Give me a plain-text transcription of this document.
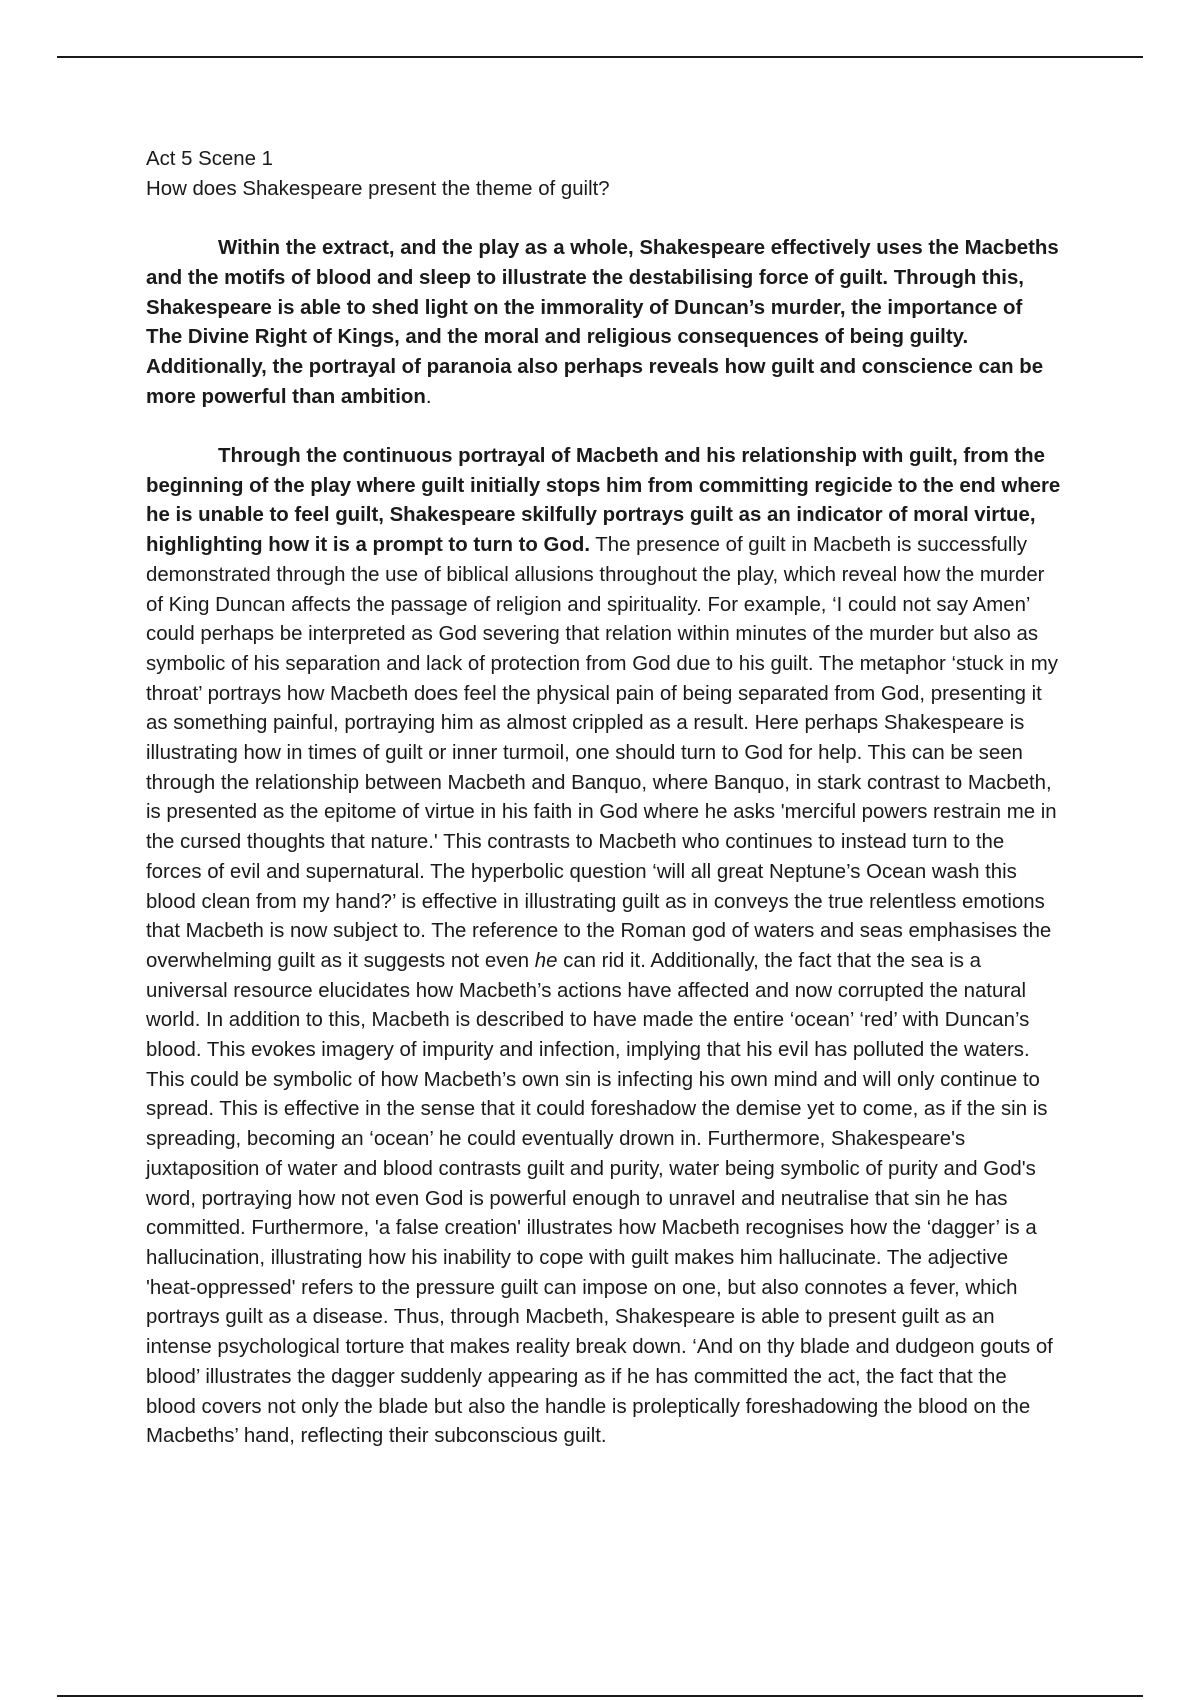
Act 5 Scene 1

How does Shakespeare present the theme of guilt?

Within the extract, and the play as a whole, Shakespeare effectively uses the Macbeths and the motifs of blood and sleep to illustrate the destabilising force of guilt. Through this, Shakespeare is able to shed light on the immorality of Duncan’s murder, the importance of The Divine Right of Kings, and the moral and religious consequences of being guilty. Additionally, the portrayal of paranoia also perhaps reveals how guilt and conscience can be more powerful than ambition.

Through the continuous portrayal of Macbeth and his relationship with guilt, from the beginning of the play where guilt initially stops him from committing regicide to the end where he is unable to feel guilt, Shakespeare skilfully portrays guilt as an indicator of moral virtue, highlighting how it is a prompt to turn to God. The presence of guilt in Macbeth is successfully demonstrated through the use of biblical allusions throughout the play, which reveal how the murder of King Duncan affects the passage of religion and spirituality. For example, ‘I could not say Amen’ could perhaps be interpreted as God severing that relation within minutes of the murder but also as symbolic of his separation and lack of protection from God due to his guilt. The metaphor ‘stuck in my throat’ portrays how Macbeth does feel the physical pain of being separated from God, presenting it as something painful, portraying him as almost crippled as a result. Here perhaps Shakespeare is illustrating how in times of guilt or inner turmoil, one should turn to God for help. This can be seen through the relationship between Macbeth and Banquo, where Banquo, in stark contrast to Macbeth, is presented as the epitome of virtue in his faith in God where he asks 'merciful powers restrain me in the cursed thoughts that nature.' This contrasts to Macbeth who continues to instead turn to the forces of evil and supernatural. The hyperbolic question ‘will all great Neptune’s Ocean wash this blood clean from my hand?’ is effective in illustrating guilt as in conveys the true relentless emotions that Macbeth is now subject to. The reference to the Roman god of waters and seas emphasises the overwhelming guilt as it suggests not even he can rid it. Additionally, the fact that the sea is a universal resource elucidates how Macbeth’s actions have affected and now corrupted the natural world. In addition to this, Macbeth is described to have made the entire ‘ocean’ ‘red’ with Duncan’s blood. This evokes imagery of impurity and infection, implying that his evil has polluted the waters. This could be symbolic of how Macbeth’s own sin is infecting his own mind and will only continue to spread. This is effective in the sense that it could foreshadow the demise yet to come, as if the sin is spreading, becoming an ‘ocean’ he could eventually drown in. Furthermore, Shakespeare's juxtaposition of water and blood contrasts guilt and purity, water being symbolic of purity and God's word, portraying how not even God is powerful enough to unravel and neutralise that sin he has committed. Furthermore, 'a false creation' illustrates how Macbeth recognises how the ‘dagger’ is a hallucination, illustrating how his inability to cope with guilt makes him hallucinate. The adjective 'heat-oppressed' refers to the pressure guilt can impose on one, but also connotes a fever, which portrays guilt as a disease. Thus, through Macbeth, Shakespeare is able to present guilt as an intense psychological torture that makes reality break down. ‘And on thy blade and dudgeon gouts of blood’ illustrates the dagger suddenly appearing as if he has committed the act, the fact that the blood covers not only the blade but also the handle is proleptically foreshadowing the blood on the Macbeths’ hand, reflecting their subconscious guilt.
